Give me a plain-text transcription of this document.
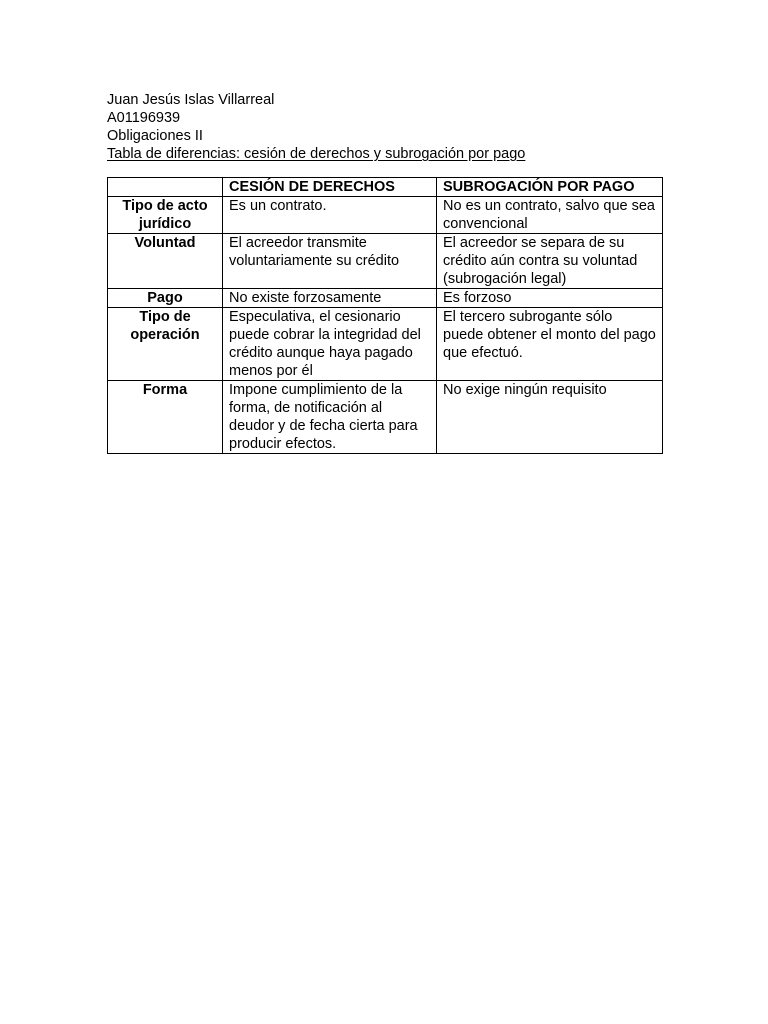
Juan Jesús Islas Villarreal
A01196939
Obligaciones II
Tabla de diferencias: cesión de derechos y subrogación por pago
	CESIÓN DE DERECHOS	SUBROGACIÓN POR PAGO
Tipo de acto jurídico	Es un contrato.	No es un contrato, salvo que sea convencional
Voluntad	El acreedor transmite voluntariamente su crédito	El acreedor se separa de su crédito aún contra su voluntad (subrogación legal)
Pago	No existe forzosamente	Es forzoso
Tipo de operación	Especulativa, el cesionario puede cobrar la integridad del crédito aunque haya pagado menos por él	El tercero subrogante sólo puede obtener el monto del pago que efectuó.
Forma	Impone cumplimiento de la forma, de notificación al deudor y de fecha cierta para producir efectos.	No exige ningún requisito
